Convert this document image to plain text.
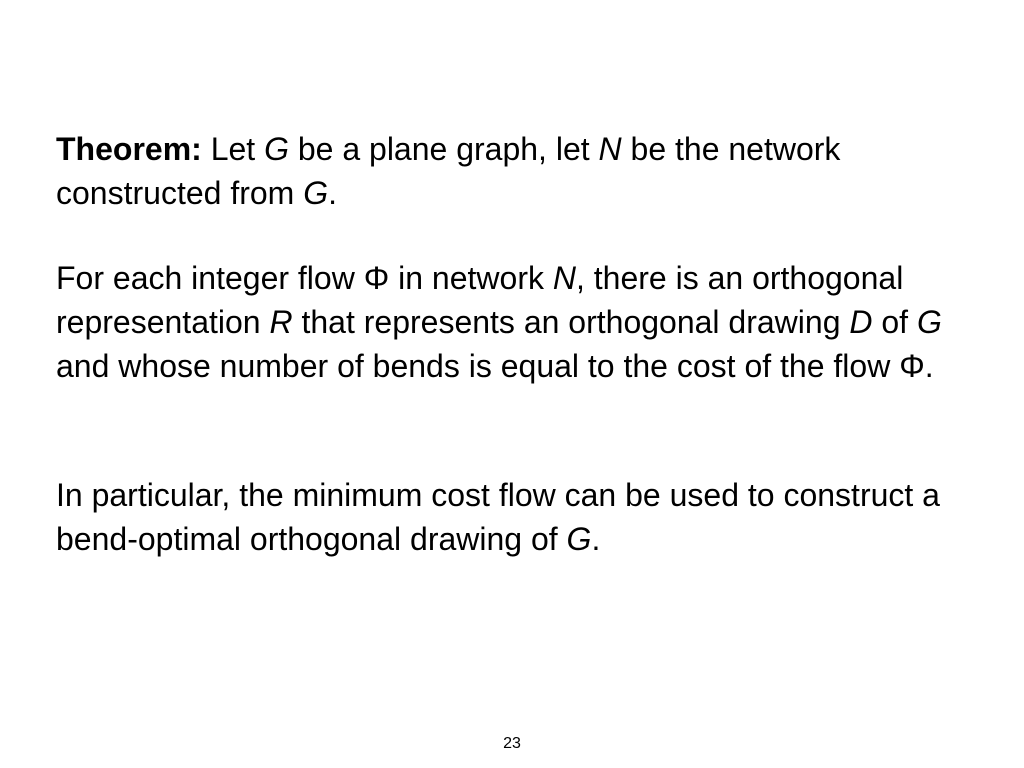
Theorem: Let G be a plane graph, let N be the network constructed from G.
For each integer flow Φ in network N, there is an orthogonal representation R that represents an orthogonal drawing D of G and whose number of bends is equal to the cost of the flow Φ.
In particular, the minimum cost flow can be used to construct a bend-optimal orthogonal drawing of G.
23
